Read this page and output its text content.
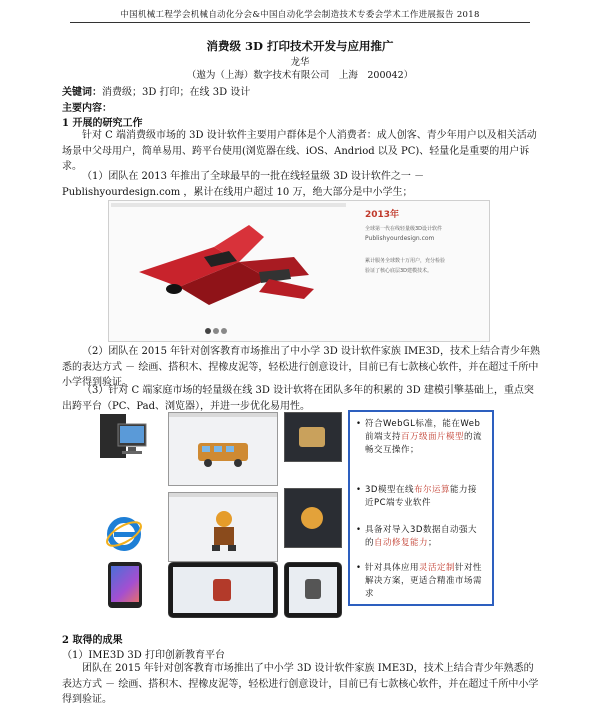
中国机械工程学会机械自动化分会&中国自动化学会制造技术专委会学术工作进展报告 2018
消费级 3D 打印技术开发与应用推广
龙华
（遨为（上海）数字技术有限公司　上海　200042）
关键词：消费级；3D 打印；在线 3D 设计
主要内容：
1 开展的研究工作
针对 C 端消费级市场的 3D 设计软件主要用户群体是个人消费者：成人创客、青少年用户以及相关活动场景中父母用户，简单易用、跨平台使用(浏览器在线、iOS、Andriod 以及 PC)、轻量化是重要的用户诉求。
（1）团队在 2013 年推出了全球最早的一批在线轻量级 3D 设计软件之一 － Publishyourdesign.com ，累计在线用户超过 10 万，绝大部分是中小学生；
2013年
全球第一代在线轻量级3D设计软件
Publishyourdesign.com
累计服务全球数十万用户，充分检验
验证了核心底层3D建模技术。
（2）团队在 2015 年针对创客教育市场推出了中小学 3D 设计软件家族 IME3D，技术上结合青少年熟悉的表达方式 － 绘画、搭积木、捏橡皮泥等，轻松进行创意设计，目前已有七款核心软件，并在超过千所中小学得到验证。
（3）针对 C 端家庭市场的轻量级在线 3D 设计软将在团队多年的积累的 3D 建模引擎基础上，重点突出跨平台（PC、Pad、浏览器），并进一步优化易用性。
• 符合WebGL标准，能在Web 前端支持百万级面片模型的流畅交互操作；
• 3D模型在线布尔运算能力接近PC端专业软件
• 具备对导入3D数据自动强大的自动修复能力；
• 针对具体应用灵活定制针对性解决方案，更适合精准市场需求
2 取得的成果
（1）IME3D 3D 打印创新教育平台
团队在 2015 年针对创客教育市场推出了中小学 3D 设计软件家族 IME3D，技术上结合青少年熟悉的表达方式 － 绘画、搭积木、捏橡皮泥等，轻松进行创意设计，目前已有七款核心软件，并在超过千所中小学得到验证。
